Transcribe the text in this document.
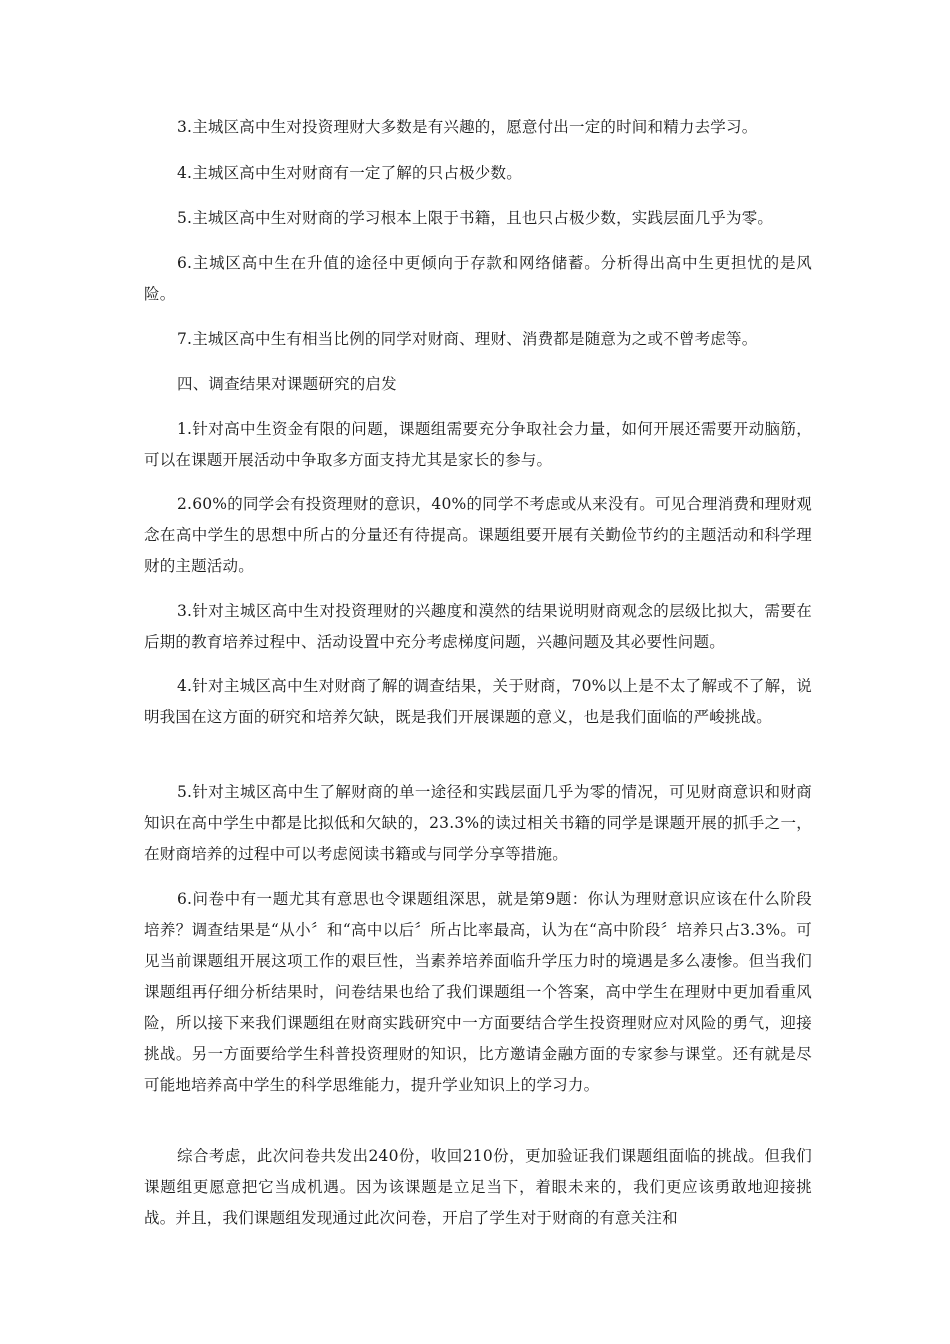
3.主城区高中生对投资理财大多数是有兴趣的，愿意付出一定的时间和精力去学习。

4.主城区高中生对财商有一定了解的只占极少数。

5.主城区高中生对财商的学习根本上限于书籍，且也只占极少数，实践层面几乎为零。

6.主城区高中生在升值的途径中更倾向于存款和网络储蓄。分析得出高中生更担忧的是风险。

7.主城区高中生有相当比例的同学对财商、理财、消费都是随意为之或不曾考虑等。

四、调查结果对课题研究的启发

1.针对高中生资金有限的问题，课题组需要充分争取社会力量，如何开展还需要开动脑筋，可以在课题开展活动中争取多方面支持尤其是家长的参与。

2.60%的同学会有投资理财的意识，40%的同学不考虑或从来没有。可见合理消费和理财观念在高中学生的思想中所占的分量还有待提高。课题组要开展有关勤俭节约的主题活动和科学理财的主题活动。

3.针对主城区高中生对投资理财的兴趣度和漠然的结果说明财商观念的层级比拟大，需要在后期的教育培养过程中、活动设置中充分考虑梯度问题，兴趣问题及其必要性问题。

4.针对主城区高中生对财商了解的调查结果，关于财商，70%以上是不太了解或不了解，说明我国在这方面的研究和培养欠缺，既是我们开展课题的意义，也是我们面临的严峻挑战。

5.针对主城区高中生了解财商的单一途径和实践层面几乎为零的情况，可见财商意识和财商知识在高中学生中都是比拟低和欠缺的，23.3%的读过相关书籍的同学是课题开展的抓手之一，在财商培养的过程中可以考虑阅读书籍或与同学分享等措施。

6.问卷中有一题尤其有意思也令课题组深思，就是第9题：你认为理财意识应该在什么阶段培养？调查结果是“从小〞和“高中以后〞所占比率最高，认为在“高中阶段〞培养只占3.3%。可见当前课题组开展这项工作的艰巨性，当素养培养面临升学压力时的境遇是多么凄惨。但当我们课题组再仔细分析结果时，问卷结果也给了我们课题组一个答案，高中学生在理财中更加看重风险，所以接下来我们课题组在财商实践研究中一方面要结合学生投资理财应对风险的勇气，迎接挑战。另一方面要给学生科普投资理财的知识，比方邀请金融方面的专家参与课堂。还有就是尽可能地培养高中学生的科学思维能力，提升学业知识上的学习力。

综合考虑，此次问卷共发出240份，收回210份，更加验证我们课题组面临的挑战。但我们课题组更愿意把它当成机遇。因为该课题是立足当下，着眼未来的，我们更应该勇敢地迎接挑战。并且，我们课题组发现通过此次问卷，开启了学生对于财商的有意关注和
